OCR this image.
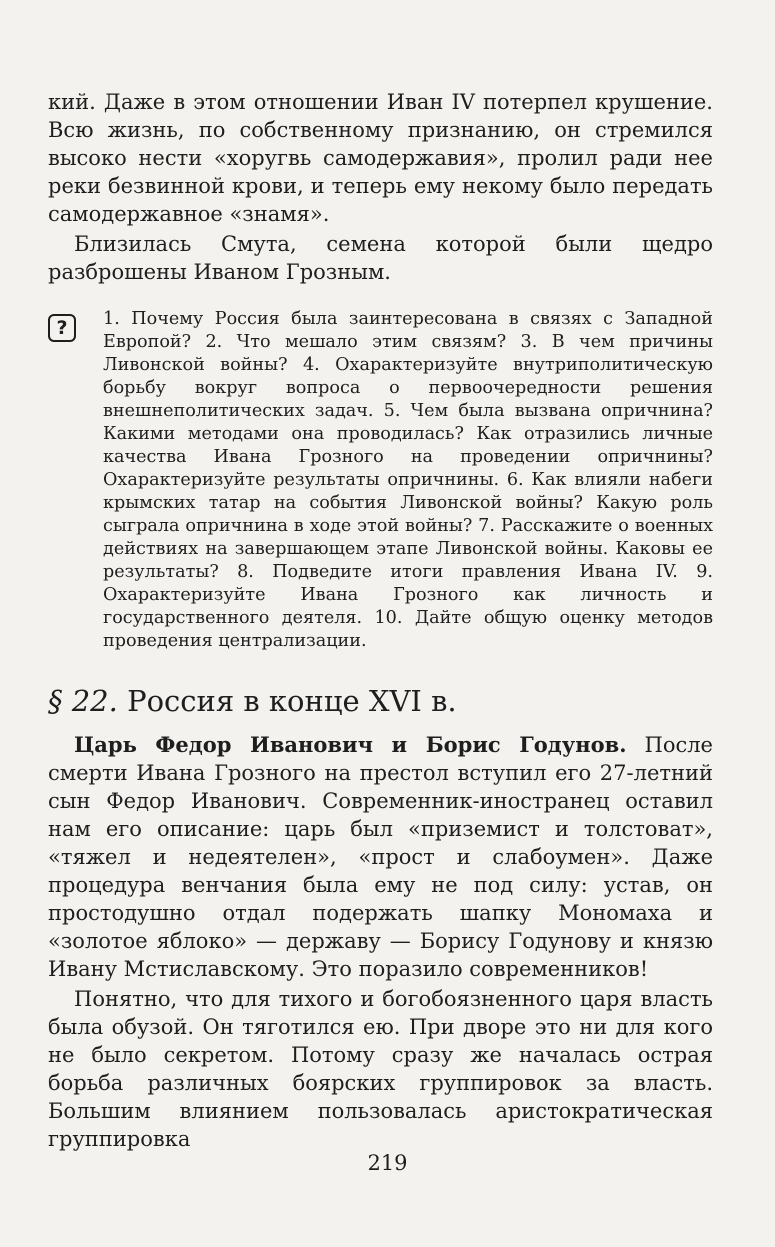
кий. Даже в этом отношении Иван IV потерпел крушение. Всю жизнь, по собственному признанию, он стремился высоко нести «хоругвь самодержавия», пролил ради нее реки безвинной крови, и теперь ему некому было передать самодержавное «знамя».

Близилась Смута, семена которой были щедро разброшены Иваном Грозным.

?	1. Почему Россия была заинтересована в связях с Западной Европой? 2. Что мешало этим связям? 3. В чем причины Ливонской войны? 4. Охарактеризуйте внутриполитическую борьбу вокруг вопроса о первоочередности решения внешнеполитических задач. 5. Чем была вызвана опричнина? Какими методами она проводилась? Как отразились личные качества Ивана Грозного на проведении опричнины? Охарактеризуйте результаты опричнины. 6. Как влияли набеги крымских татар на события Ливонской войны? Какую роль сыграла опричнина в ходе этой войны? 7. Расскажите о военных действиях на завершающем этапе Ливонской войны. Каковы ее результаты? 8. Подведите итоги правления Ивана IV. 9. Охарактеризуйте Ивана Грозного как личность и государственного деятеля. 10. Дайте общую оценку методов проведения централизации.

§ 22. Россия в конце XVI в.

Царь Федор Иванович и Борис Годунов. После смерти Ивана Грозного на престол вступил его 27-летний сын Федор Иванович. Современник-иностранец оставил нам его описание: царь был «приземист и толстоват», «тяжел и недеятелен», «прост и слабоумен». Даже процедура венчания была ему не под силу: устав, он простодушно отдал подержать шапку Мономаха и «золотое яблоко» — державу — Борису Годунову и князю Ивану Мстиславскому. Это поразило современников!

Понятно, что для тихого и богобоязненного царя власть была обузой. Он тяготился ею. При дворе это ни для кого не было секретом. Потому сразу же началась острая борьба различных боярских группировок за власть. Большим влиянием пользовалась аристократическая группировка

219
